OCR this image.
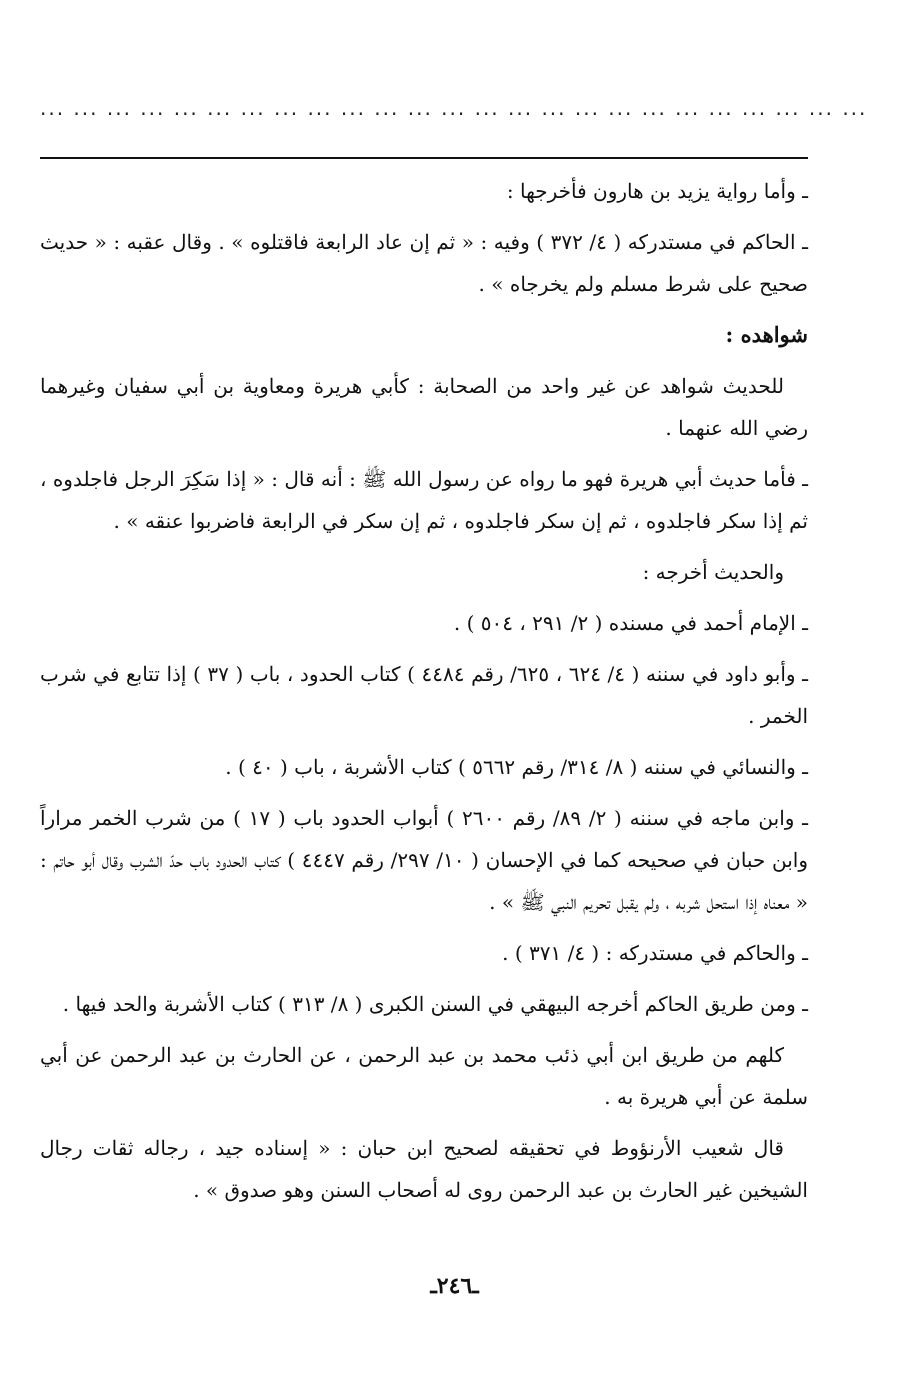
... ... ... ... ... ... ... ... ... ... ... ... ... ... ... ... ... ... ... ... ... ... ... ... ...

ـ وأما رواية يزيد بن هارون فأخرجها :

ـ الحاكم في مستدركه ( ٤/ ٣٧٢ ) وفيه : « ثم إن عاد الرابعة فاقتلوه » . وقال عقبه : « حديث صحيح على شرط مسلم ولم يخرجاه » .

شواهده :

للحديث شواهد عن غير واحد من الصحابة : كأبي هريرة ومعاوية بن أبي سفيان وغيرهما رضي الله عنهما .

ـ فأما حديث أبي هريرة فهو ما رواه عن رسول الله ﷺ : أنه قال : « إذا سَكِرَ الرجل فاجلدوه ، ثم إذا سكر فاجلدوه ، ثم إن سكر فاجلدوه ، ثم إن سكر في الرابعة فاضربوا عنقه » .

والحديث أخرجه :

ـ الإمام أحمد في مسنده ( ٢/ ٢٩١ ، ٥٠٤ ) .

ـ وأبو داود في سننه ( ٤/ ٦٢٤ ، ٦٢٥/ رقم ٤٤٨٤ ) كتاب الحدود ، باب ( ٣٧ ) إذا تتابع في شرب الخمر .

ـ والنسائي في سننه ( ٨/ ٣١٤/ رقم ٥٦٦٢ ) كتاب الأشربة ، باب ( ٤٠ ) .

ـ وابن ماجه في سننه ( ٢/ ٨٩/ رقم ٢٦٠٠ ) أبواب الحدود باب ( ١٧ ) من شرب الخمر مراراً وابن حبان في صحيحه كما في الإحسان ( ١٠/ ٢٩٧/ رقم ٤٤٤٧ ) كتاب الحدود باب حدّ الشرب وقال أبو حاتم : « معناه إذا استحل شربه ، ولم يقبل تحريم النبي ﷺ » .

ـ والحاكم في مستدركه : ( ٤/ ٣٧١ ) .

ـ ومن طريق الحاكم أخرجه البيهقي في السنن الكبرى ( ٨/ ٣١٣ ) كتاب الأشربة والحد فيها .

كلهم من طريق ابن أبي ذئب محمد بن عبد الرحمن ، عن الحارث بن عبد الرحمن عن أبي سلمة عن أبي هريرة به .

قال شعيب الأرنؤوط في تحقيقه لصحيح ابن حبان : « إسناده جيد ، رجاله ثقات رجال الشيخين غير الحارث بن عبد الرحمن روى له أصحاب السنن وهو صدوق » .

ـ٢٤٦ـ
